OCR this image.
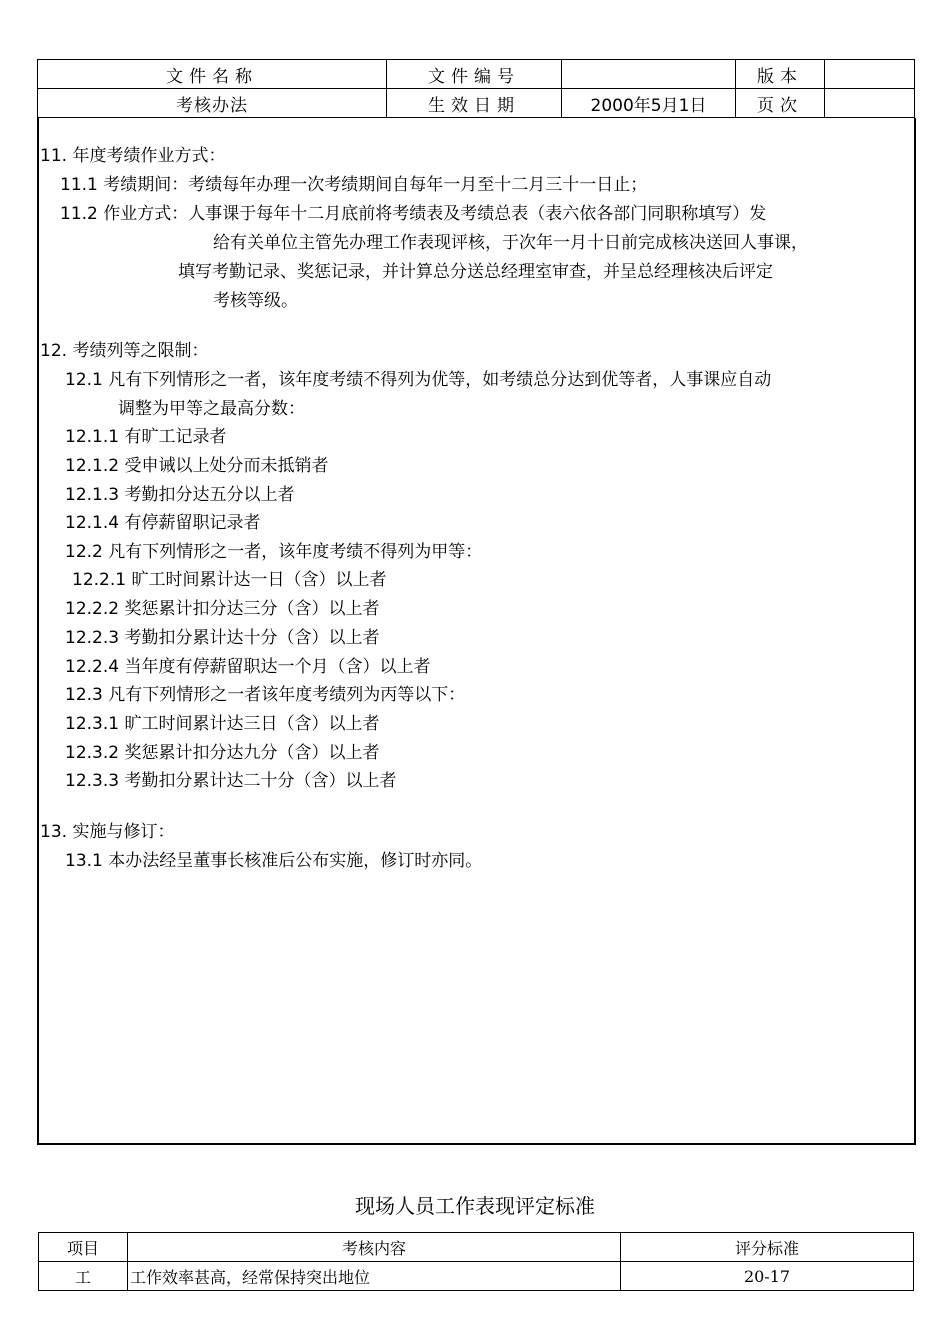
文件名称	文件编号		版本	
考核办法	生效日期	2000年5月1日	页次	
11. 年度考绩作业方式：
11.1 考绩期间：考绩每年办理一次考绩期间自每年一月至十二月三十一日止；
11.2 作业方式：人事课于每年十二月底前将考绩表及考绩总表（表六依各部门同职称填写）发
给有关单位主管先办理工作表现评核，于次年一月十日前完成核决送回人事课，
填写考勤记录、奖惩记录，并计算总分送总经理室审查，并呈总经理核决后评定
考核等级。
12. 考绩列等之限制：
12.1 凡有下列情形之一者，该年度考绩不得列为优等，如考绩总分达到优等者，人事课应自动
调整为甲等之最高分数：
12.1.1 有旷工记录者
12.1.2 受申诫以上处分而未抵销者
12.1.3 考勤扣分达五分以上者
12.1.4 有停薪留职记录者
12.2 凡有下列情形之一者，该年度考绩不得列为甲等：
12.2.1 旷工时间累计达一日（含）以上者
12.2.2 奖惩累计扣分达三分（含）以上者
12.2.3 考勤扣分累计达十分（含）以上者
12.2.4 当年度有停薪留职达一个月（含）以上者
12.3 凡有下列情形之一者该年度考绩列为丙等以下：
12.3.1 旷工时间累计达三日（含）以上者
12.3.2 奖惩累计扣分达九分（含）以上者
12.3.3 考勤扣分累计达二十分（含）以上者
13. 实施与修订：
13.1 本办法经呈董事长核准后公布实施，修订时亦同。
现场人员工作表现评定标准
项目	考核内容	评分标准
工	工作效率甚高，经常保持突出地位	20-17
